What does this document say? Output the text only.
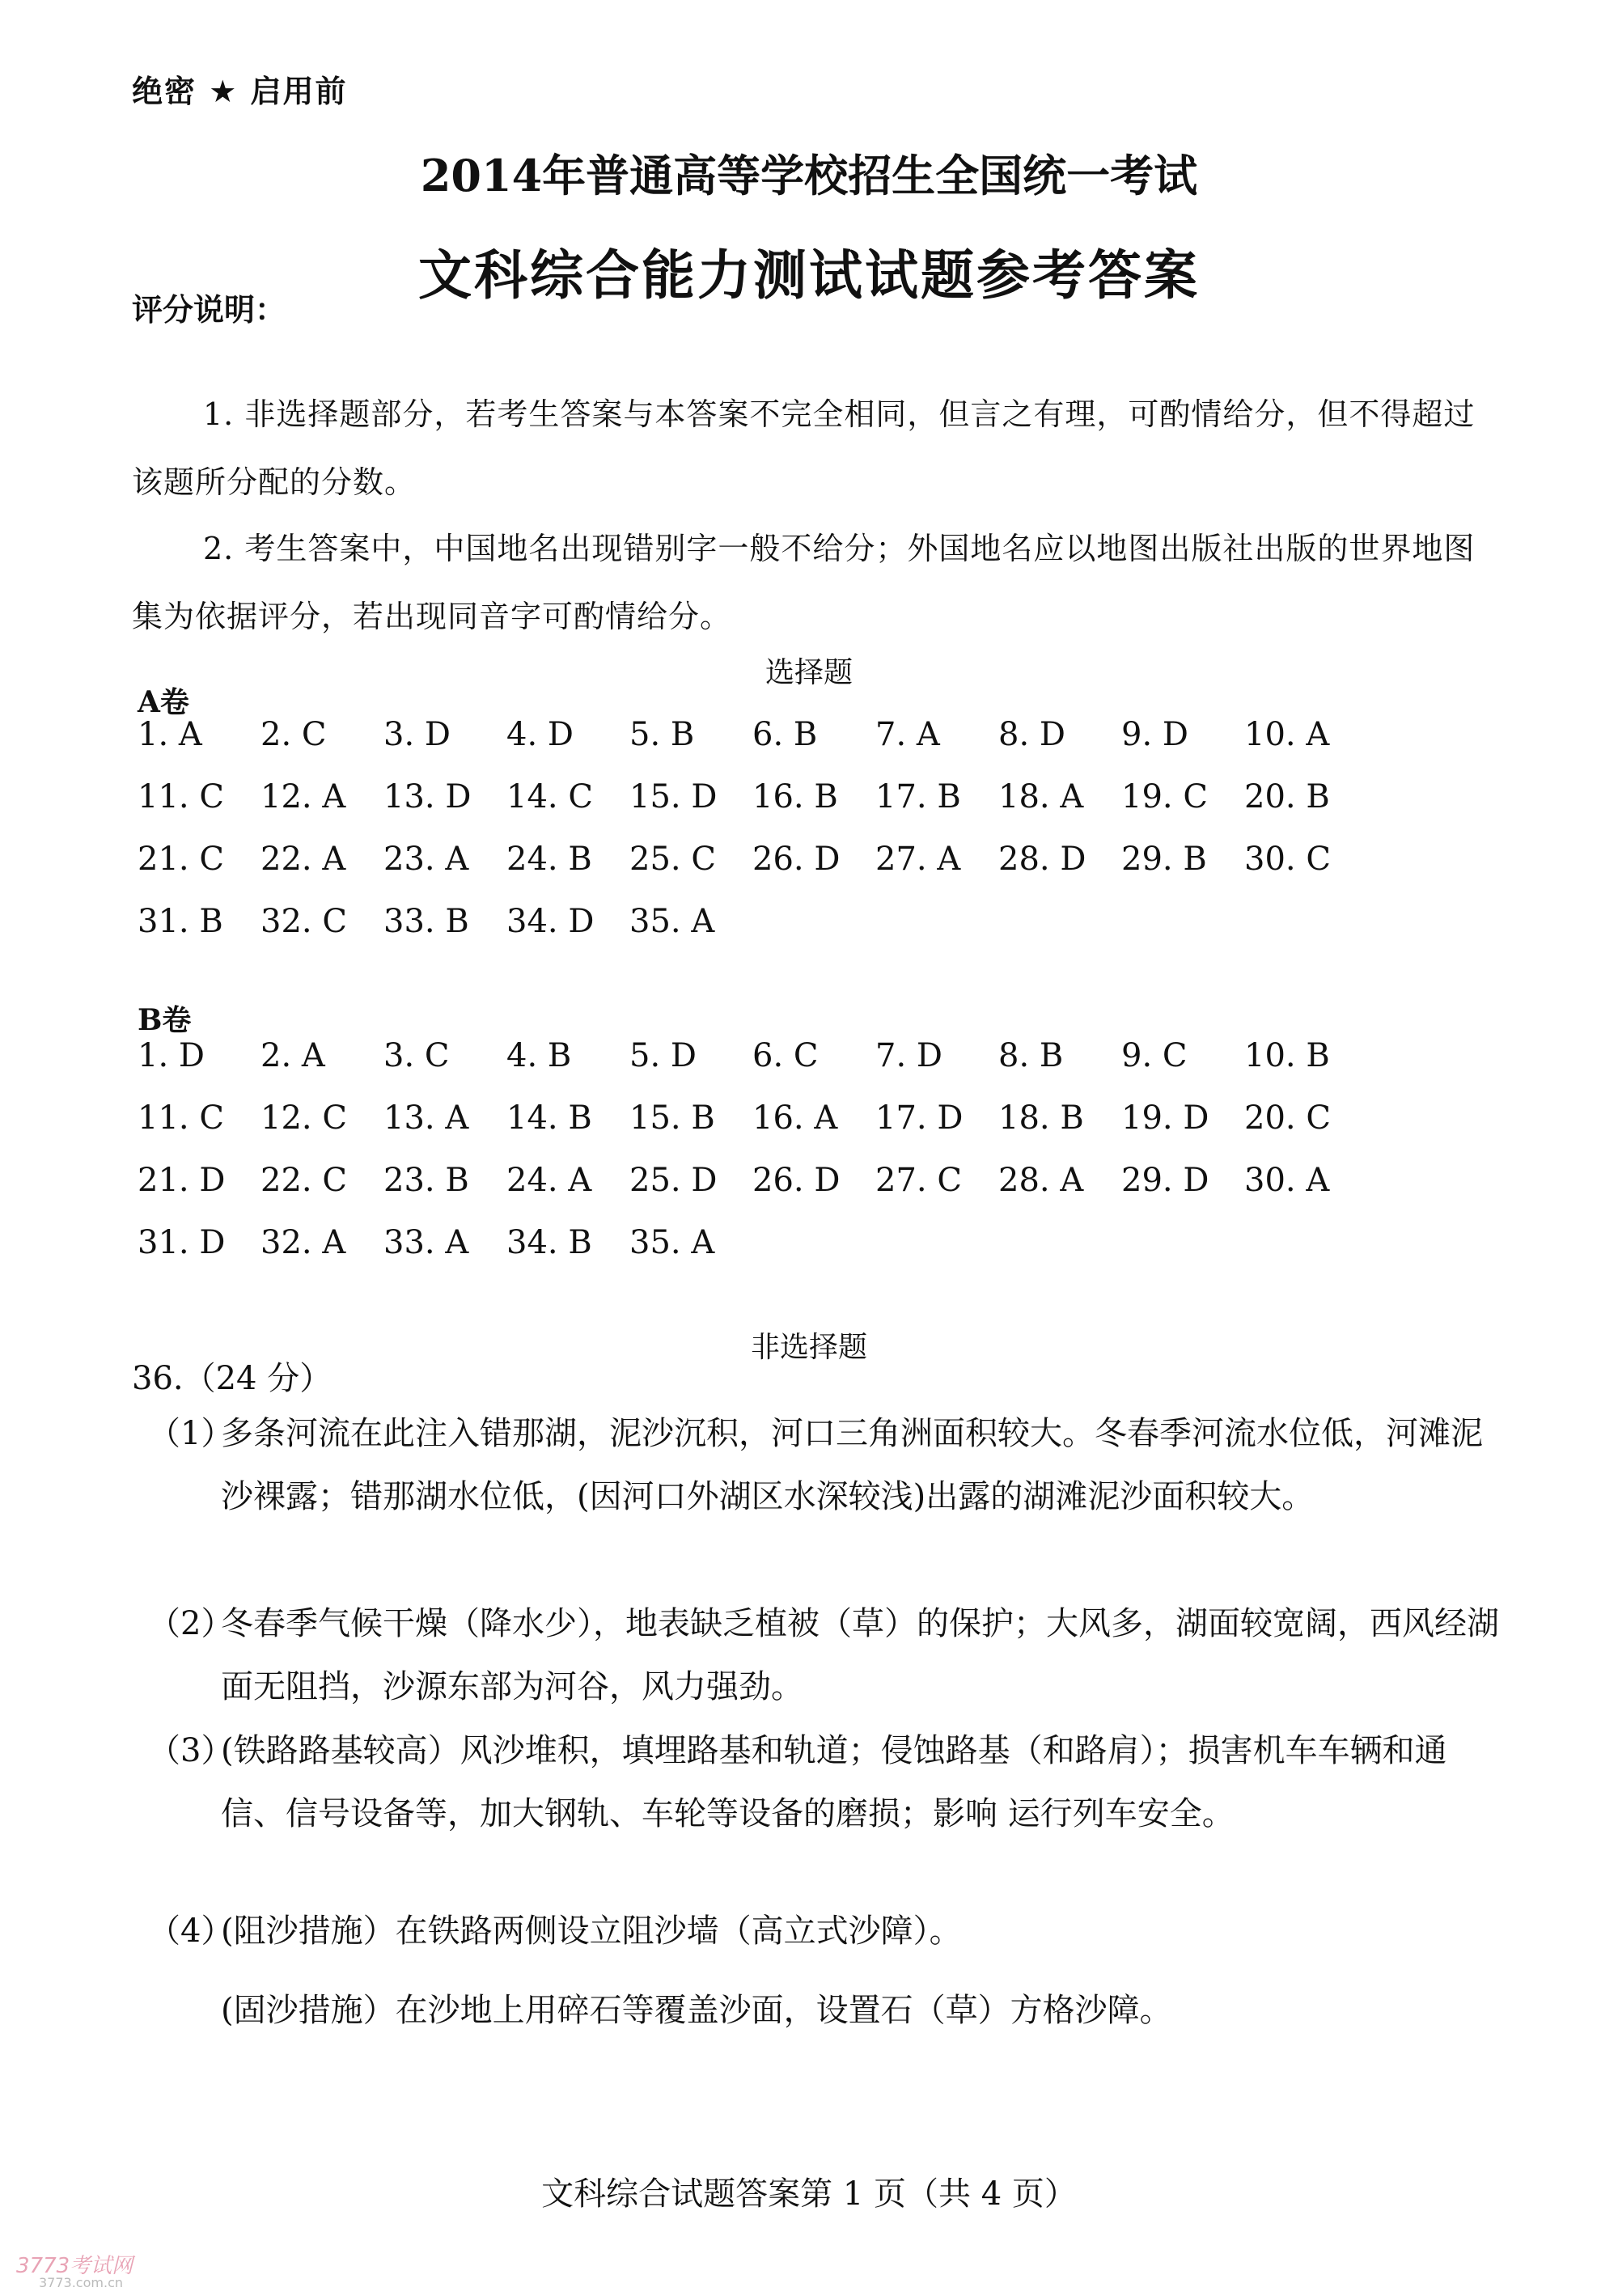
绝密 ★ 启用前
2014年普通高等学校招生全国统一考试
文科综合能力测试试题参考答案
评分说明：
1. 非选择题部分，若考生答案与本答案不完全相同，但言之有理，可酌情给分，但不得超过该题所分配的分数。
2. 考生答案中，中国地名出现错别字一般不给分；外国地名应以地图出版社出版的世界地图集为依据评分，若出现同音字可酌情给分。
选择题
A卷
1. A	2. C	3. D	4. D	5. B	6. B	7. A	8. D	9. D	10. A
11. C	12. A	13. D	14. C	15. D	16. B	17. B	18. A	19. C	20. B
21. C	22. A	23. A	24. B	25. C	26. D	27. A	28. D	29. B	30. C
31. B	32. C	33. B	34. D	35. A
B卷
1. D	2. A	3. C	4. B	5. D	6. C	7. D	8. B	9. C	10. B
11. C	12. C	13. A	14. B	15. B	16. A	17. D	18. B	19. D	20. C
21. D	22. C	23. B	24. A	25. D	26. D	27. C	28. A	29. D	30. A
31. D	32. A	33. A	34. B	35. A
非选择题
36.（24 分）
（1）多条河流在此注入错那湖，泥沙沉积，河口三角洲面积较大。冬春季河流水位低，河滩泥沙裸露；错那湖水位低，(因河口外湖区水深较浅)出露的湖滩泥沙面积较大。
（2）冬春季气候干燥（降水少），地表缺乏植被（草）的保护；大风多，湖面较宽阔，西风经湖面无阻挡，沙源东部为河谷，风力强劲。
（3）(铁路路基较高）风沙堆积，填埋路基和轨道；侵蚀路基（和路肩）；损害机车车辆和通信、信号设备等，加大钢轨、车轮等设备的磨损；影响 运行列车安全。
（4）(阻沙措施）在铁路两侧设立阻沙墙（高立式沙障）。
(固沙措施）在沙地上用碎石等覆盖沙面，设置石（草）方格沙障。
文科综合试题答案第 1 页（共 4 页）
3773考试网
3773.com.cn
